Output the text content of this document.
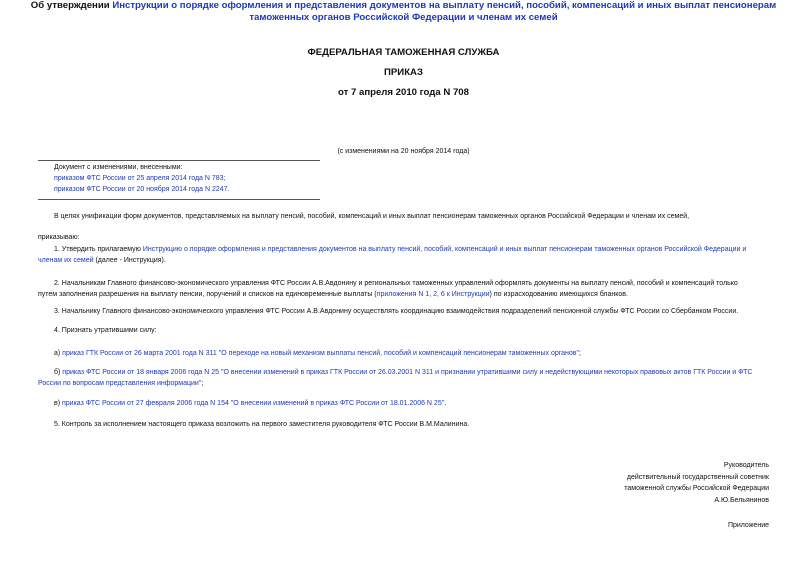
ФЕДЕРАЛЬНАЯ ТАМОЖЕННАЯ СЛУЖБА
ПРИКАЗ
от 7 апреля 2010 года N 708
Об утверждении Инструкции о порядке оформления и представления документов на выплату пенсий, пособий, компенсаций и иных выплат пенсионерам
таможенных органов Российской Федерации и членам их семей
(с изменениями на 20 ноября 2014 года)
Документ с изменениями, внесенными:
приказом ФТС России от 25 апреля 2014 года N 783;
приказом ФТС России от 20 ноября 2014 года N 2247.
В целях унификации форм документов, представляемых на выплату пенсий, пособий, компенсаций и иных выплат пенсионерам таможенных органов Российской Федерации и членам их семей,
приказываю:
1. Утвердить прилагаемую Инструкцию о порядке оформления и представления документов на выплату пенсий, пособий, компенсаций и иных выплат пенсионерам таможенных органов Российской Федерации и
членам их семей (далее - Инструкция).
2. Начальникам Главного финансово-экономического управления ФТС России А.В.Авдонину и региональных таможенных управлений оформлять документы на выплату пенсий, пособий и компенсаций только
путем заполнения разрешения на выплату пенсии, поручений и списков на единовременные выплаты (приложения N 1, 2, 6 к Инструкции) по израсходованию имеющихся бланков.
3. Начальнику Главного финансово-экономического управления ФТС России А.В.Авдонину осуществлять координацию взаимодействия подразделений пенсионной службы ФТС России со Сбербанком России.
4. Признать утратившими силу:
а) приказ ГТК России от 26 марта 2001 года N 311 "О переходе на новый механизм выплаты пенсий, пособий и компенсаций пенсионерам таможенных органов";
б) приказ ФТС России от 18 января 2006 года N 25 "О внесении изменений в приказ ГТК России от 26.03.2001 N 311 и признании утратившими силу и недействующими некоторых правовых актов ГТК России и ФТС
России по вопросам представления информации";
в) приказ ФТС России от 27 февраля 2006 года N 154 "О внесении изменений в приказ ФТС России от 18.01.2006 N 25".
5. Контроль за исполнением настоящего приказа возложить на первого заместителя руководителя ФТС России В.М.Малинина.
Руководитель
действительный государственный советник
таможенной службы Российской Федерации
А.Ю.Бельянинов
Приложение
